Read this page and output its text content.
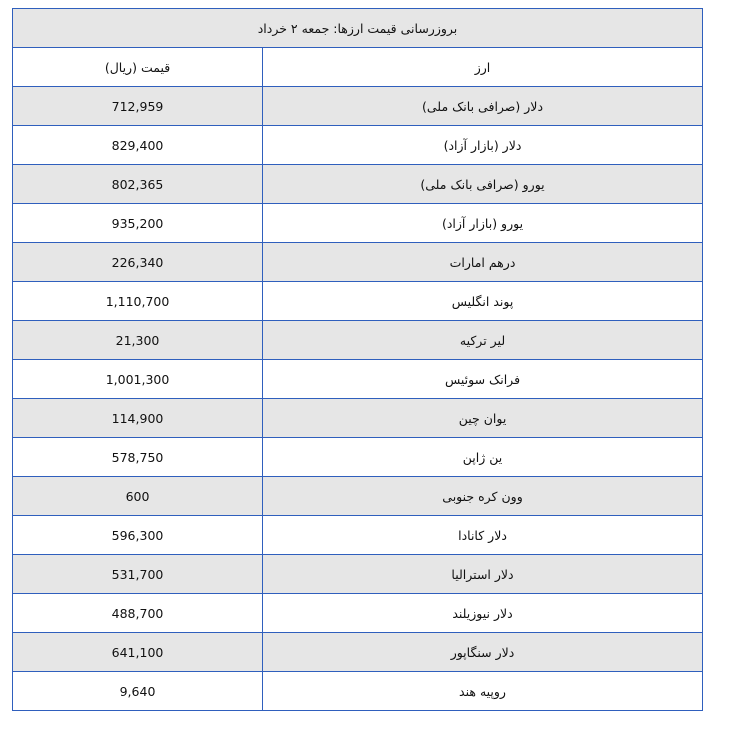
بروزرسانی قیمت ارزها: جمعه ۲ خرداد	
ارز	قیمت (ریال)
دلار (صرافی بانک ملی)	712,959
دلار (بازار آزاد)	829,400
یورو (صرافی بانک ملی)	802,365
یورو (بازار آزاد)	935,200
درهم امارات	226,340
پوند انگلیس	1,110,700
لیر ترکیه	21,300
فرانک سوئیس	1,001,300
یوان چین	114,900
ین ژاپن	578,750
وون کره جنوبی	600
دلار کانادا	596,300
دلار استرالیا	531,700
دلار نیوزیلند	488,700
دلار سنگاپور	641,100
روپیه هند	9,640
